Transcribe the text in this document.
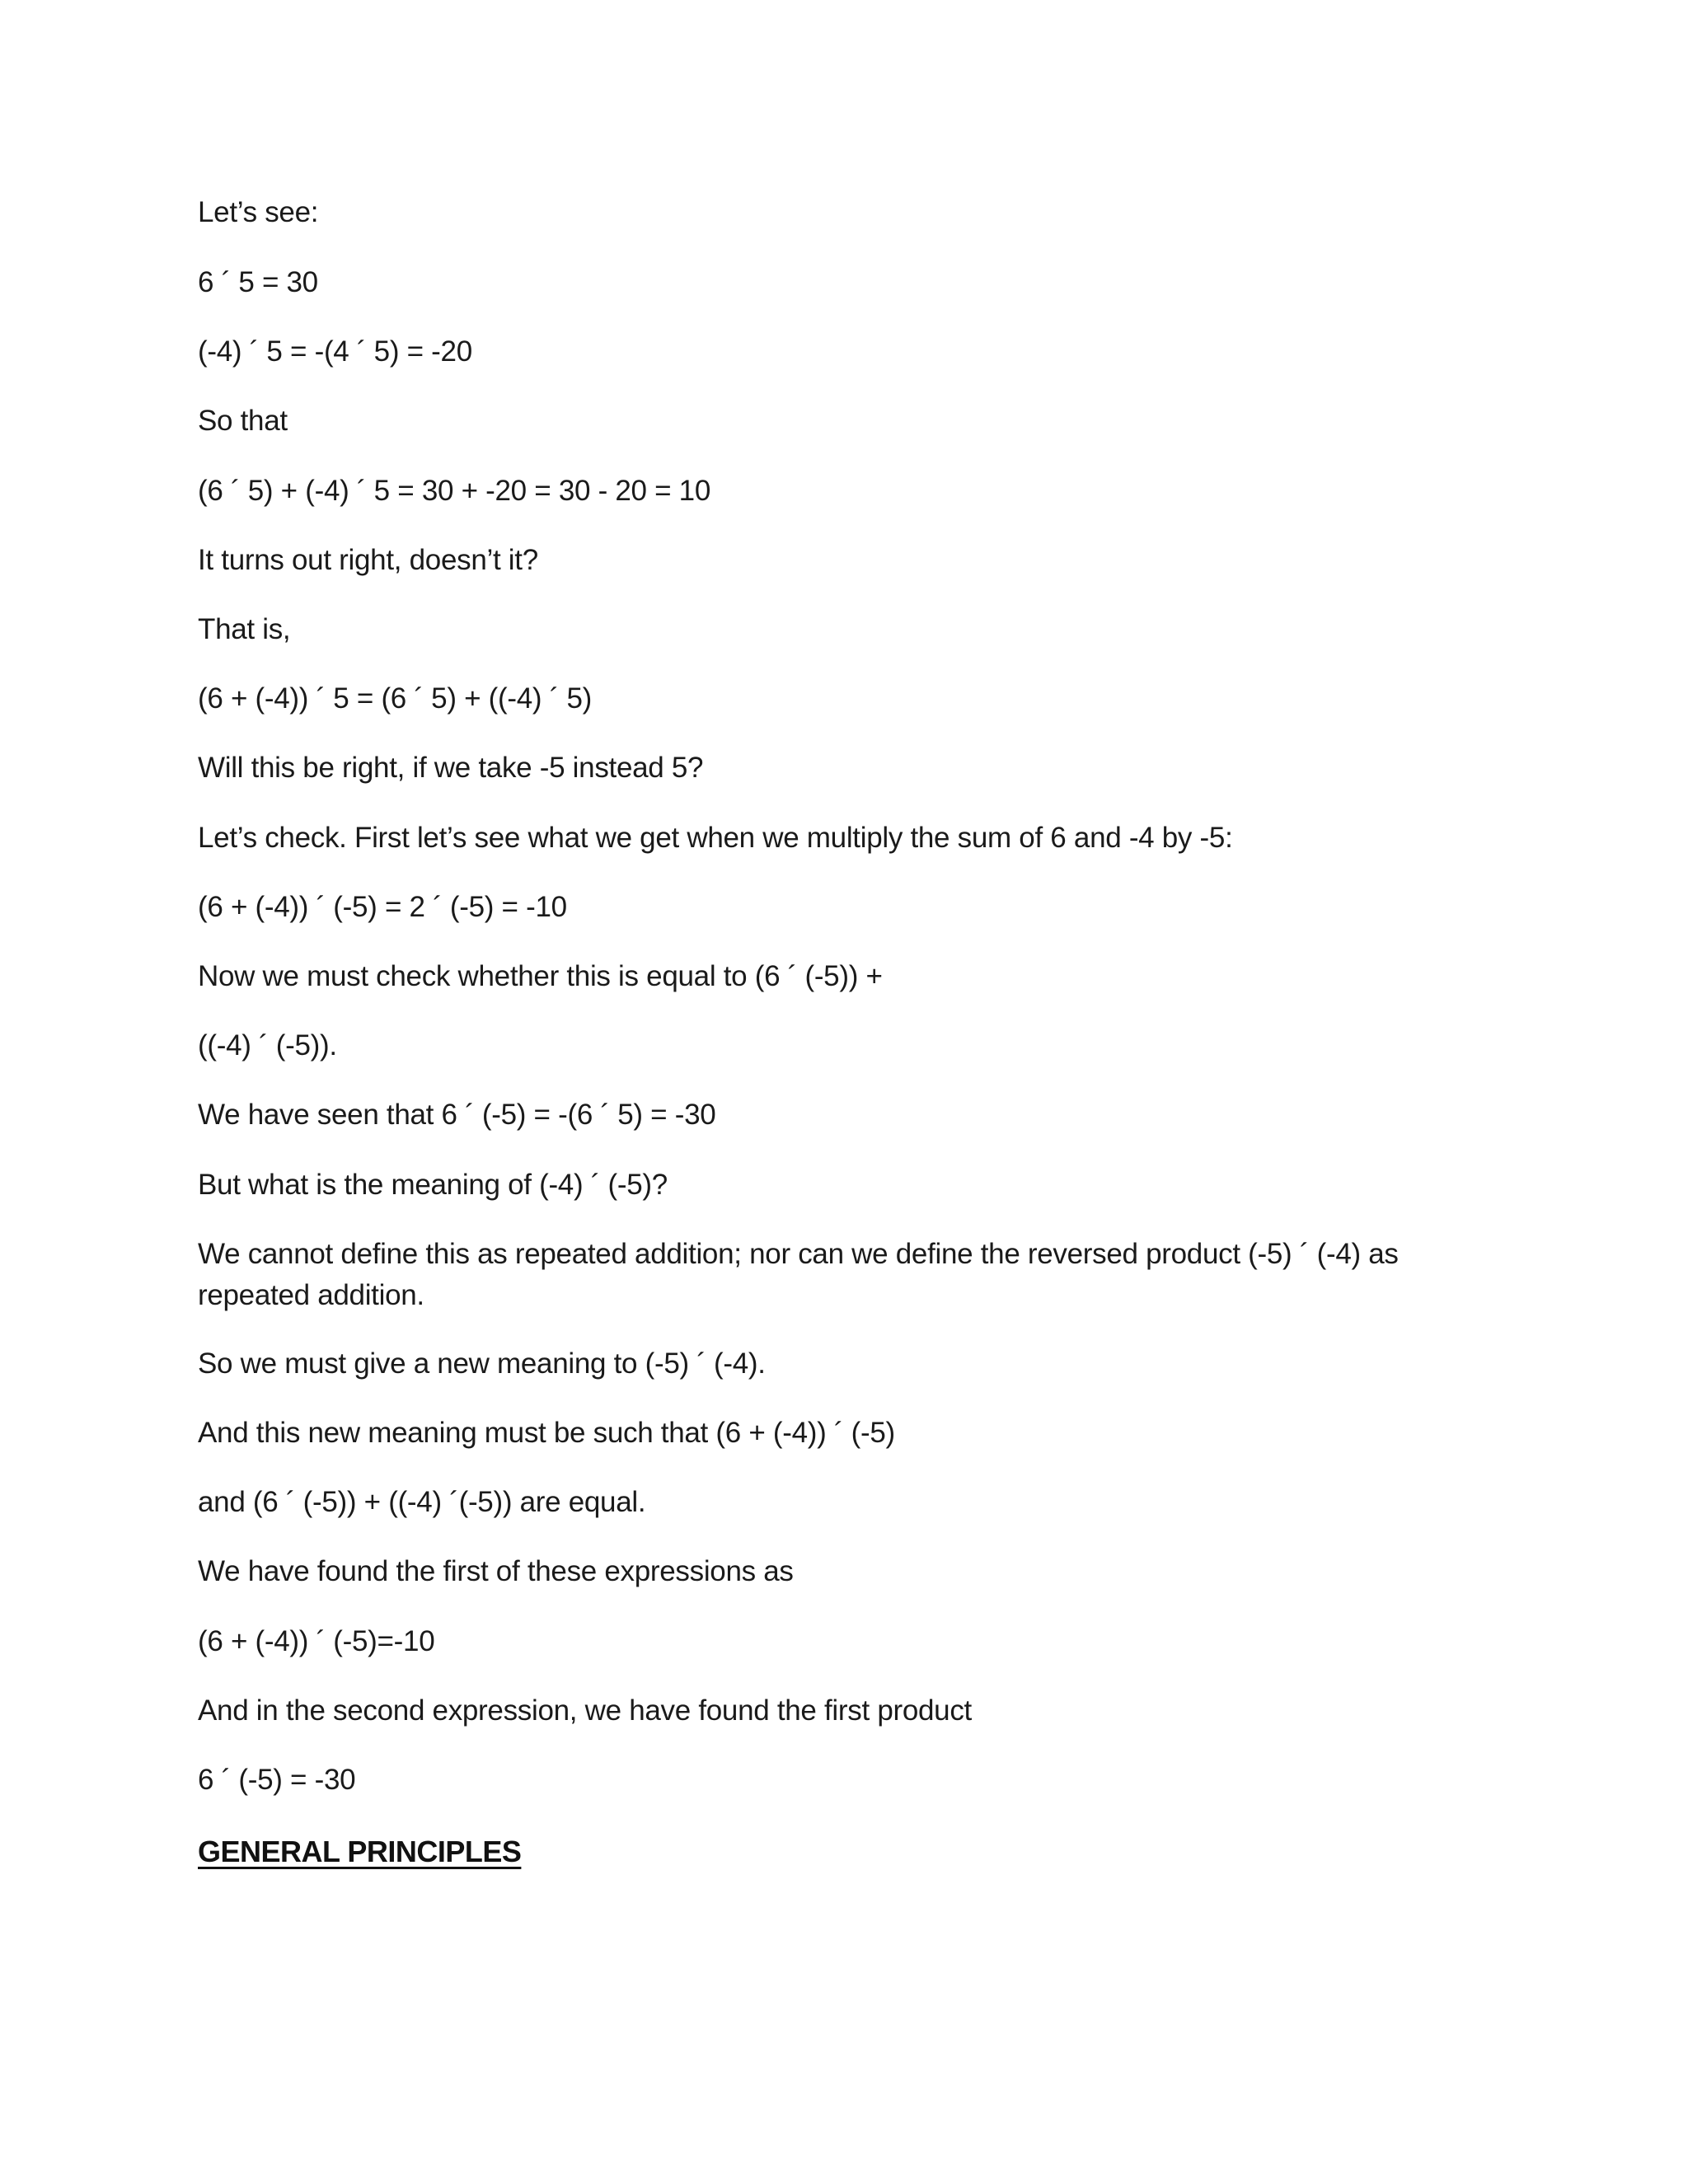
Let’s see:
6 ´ 5 = 30
(-4) ´ 5 = -(4 ´ 5) = -20
So that
(6 ´ 5) + (-4) ´ 5 = 30 + -20 = 30 - 20 = 10
It turns out right, doesn’t it?
That is,
(6 + (-4)) ´ 5 = (6 ´ 5) + ((-4) ´ 5)
Will this be right, if we take -5 instead 5?
Let’s check. First let’s see what we get when we multiply the sum of 6 and -4 by -5:
(6 + (-4)) ´ (-5) = 2 ´ (-5) = -10
Now we must check whether this is equal to (6 ´ (-5)) +
((-4) ´ (-5)).
We have seen that 6 ´ (-5) = -(6 ´ 5) = -30
But what is the meaning of (-4) ´ (-5)?
We cannot define this as repeated addition; nor can we define the reversed product (-5) ´ (-4) as repeated addition.
So we must give a new meaning to (-5) ´ (-4).
And this new meaning must be such that (6 + (-4)) ´ (-5)
and (6 ´ (-5)) + ((-4) ´(-5)) are equal.
We have found the first of these expressions as
(6 + (-4)) ´ (-5)=-10
And in the second expression, we have found the first product
6 ´ (-5) = -30
GENERAL PRINCIPLES
